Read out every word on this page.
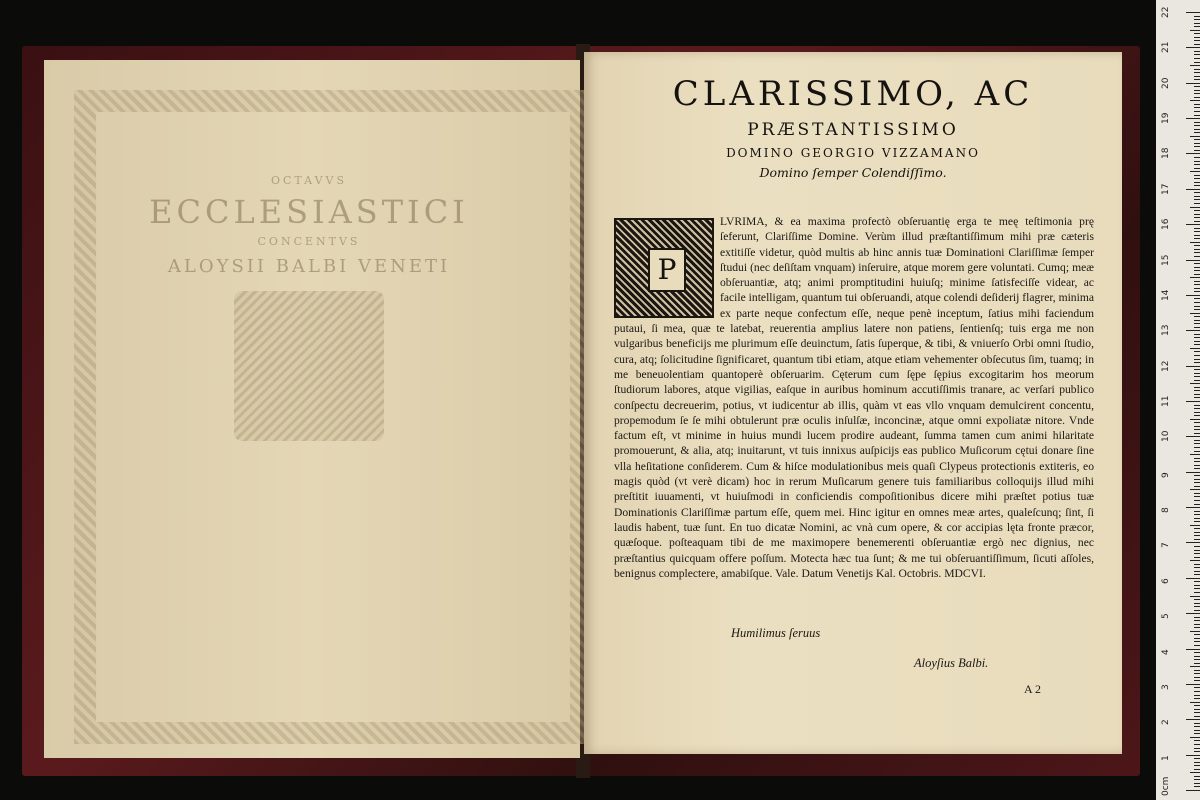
OCTAVVS
ECCLESIASTICI
CONCENTVS
ALOYSII BALBI VENETI
CLARISSIMO, AC
PRÆSTANTISSIMO
DOMINO GEORGIO VIZZAMANO
Domino ſemper Colendiſſimo.
P
LVRIMA, & ea maxima profectò obſeruantię erga te meę teſtimonia prę ſeferunt, Clariſſime Domine. Verùm illud præſtantiſſimum mihi præ cæteris extitiſſe videtur, quòd multis ab hinc annis tuæ Dominationi Clariſſimæ ſemper ſtudui (nec deſiſtam vnquam) inſeruire, atque morem gere voluntati. Cumq; meæ obſeruantiæ, atq; animi promptitudini huiuſq; minime ſatisfeciſſe videar, ac facile intelligam, quantum tui obſeruandi, atque colendi deſiderij flagrer, minima ex parte neque confectum eſſe, neque penè inceptum, ſatius mihi faciendum putaui, ſi mea, quæ te latebat, reuerentia amplius latere non patiens, ſentienſq; tuis erga me non vulgaribus beneficijs me plurimum eſſe deuinctum, ſatis ſuperque, & tibi, & vniuerſo Orbi omni ſtudio, cura, atq; ſolicitudine ſignificaret, quantum tibi etiam, atque etiam vehementer obſecutus ſim, tuamq; in me beneuolentiam quantoperè obſeruarim. Cęterum cum ſępe ſępius excogitarim hos meorum ſtudiorum labores, atque vigilias, eaſque in auribus hominum accutiſſimis tranare, ac verſari publico conſpectu decreuerim, potius, vt iudicentur ab illis, quàm vt eas vllo vnquam demulcirent concentu, propemodum ſe ſe mihi obtulerunt præ oculis inſulſæ, inconcinæ, atque omni expoliatæ nitore. Vnde factum eſt, vt minime in huius mundi lucem prodire audeant, ſumma tamen cum animi hilaritate promouerunt, & alia, atq; inuitarunt, vt tuis innixus auſpicijs eas publico Muſicorum cętui donare ſine vlla heſitatione conſiderem. Cum & hiſce modulationibus meis quaſi Clypeus protectionis extiteris, eo magis quòd (vt verè dicam) hoc in rerum Muſicarum genere tuis familiaribus colloquijs illud mihi preſtitit iuuamenti, vt huiuſmodi in conficiendis compoſitionibus dicere mihi præſtet potius tuæ Dominationis Clariſſimæ partum eſſe, quem mei. Hinc igitur en omnes meæ artes, qualeſcunq; ſint, ſi laudis habent, tuæ ſunt. En tuo dicatæ Nomini, ac vnà cum opere, & cor accipias lęta fronte præcor, quæſoque. poſteaquam tibi de me maximopere benemerenti obſeruantiæ ergò nec dignius, nec præſtantius quicquam offere poſſum. Motecta hæc tua ſunt; & me tui obſeruantiſſimum, ſicuti aſſoles, benignus complectere, amabiſque. Vale. Datum Venetijs Kal. Octobris. MDCVI.
Humilimus ſeruus
Aloyſius Balbi.
A 2
0cm
1
2
3
4
5
6
7
8
9
10
11
12
13
14
15
16
17
18
19
20
21
22
